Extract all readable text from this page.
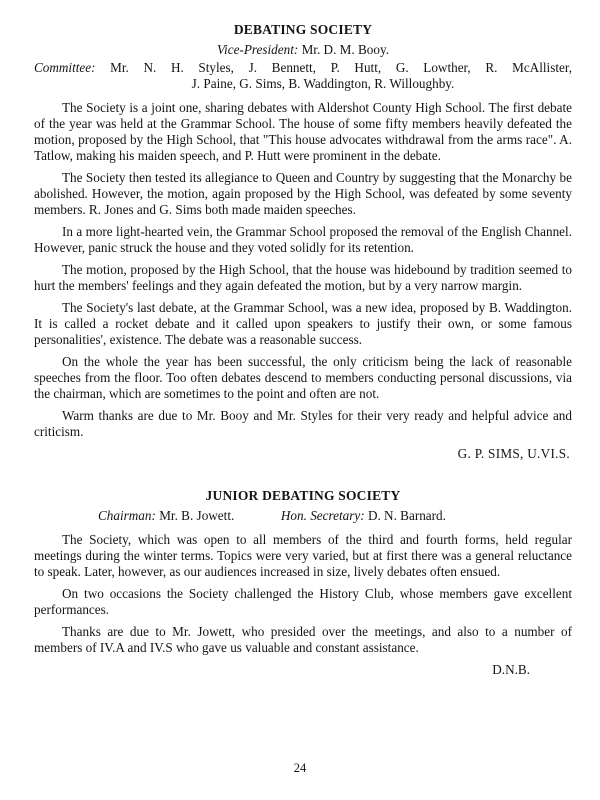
DEBATING SOCIETY
Vice-President: Mr. D. M. Booy.
Committee: Mr. N. H. Styles, J. Bennett, P. Hutt, G. Lowther, R. McAllister,
J. Paine, G. Sims, B. Waddington, R. Willoughby.

The Society is a joint one, sharing debates with Aldershot County High School. The first debate of the year was held at the Grammar School. The house of some fifty members heavily defeated the motion, proposed by the High School, that "This house advocates withdrawal from the arms race". A. Tatlow, making his maiden speech, and P. Hutt were prominent in the debate.

The Society then tested its allegiance to Queen and Country by suggesting that the Monarchy be abolished. However, the motion, again proposed by the High School, was defeated by some seventy members. R. Jones and G. Sims both made maiden speeches.

In a more light-hearted vein, the Grammar School proposed the removal of the English Channel. However, panic struck the house and they voted solidly for its retention.

The motion, proposed by the High School, that the house was hidebound by tradition seemed to hurt the members' feelings and they again defeated the motion, but by a very narrow margin.

The Society's last debate, at the Grammar School, was a new idea, proposed by B. Waddington. It is called a rocket debate and it called upon speakers to justify their own, or some famous personalities', existence. The debate was a reasonable success.

On the whole the year has been successful, the only criticism being the lack of reasonable speeches from the floor. Too often debates descend to members conducting personal discussions, via the chairman, which are sometimes to the point and often are not.

Warm thanks are due to Mr. Booy and Mr. Styles for their very ready and helpful advice and criticism.

G. P. SIMS, U.VI.S.
JUNIOR DEBATING SOCIETY
Chairman: Mr. B. Jowett.	Hon. Secretary: D. N. Barnard.

The Society, which was open to all members of the third and fourth forms, held regular meetings during the winter terms. Topics were very varied, but at first there was a general reluctance to speak. Later, however, as our audiences increased in size, lively debates often ensued.

On two occasions the Society challenged the History Club, whose members gave excellent performances.

Thanks are due to Mr. Jowett, who presided over the meetings, and also to a number of members of IV.A and IV.S who gave us valuable and constant assistance.

D.N.B.
24
